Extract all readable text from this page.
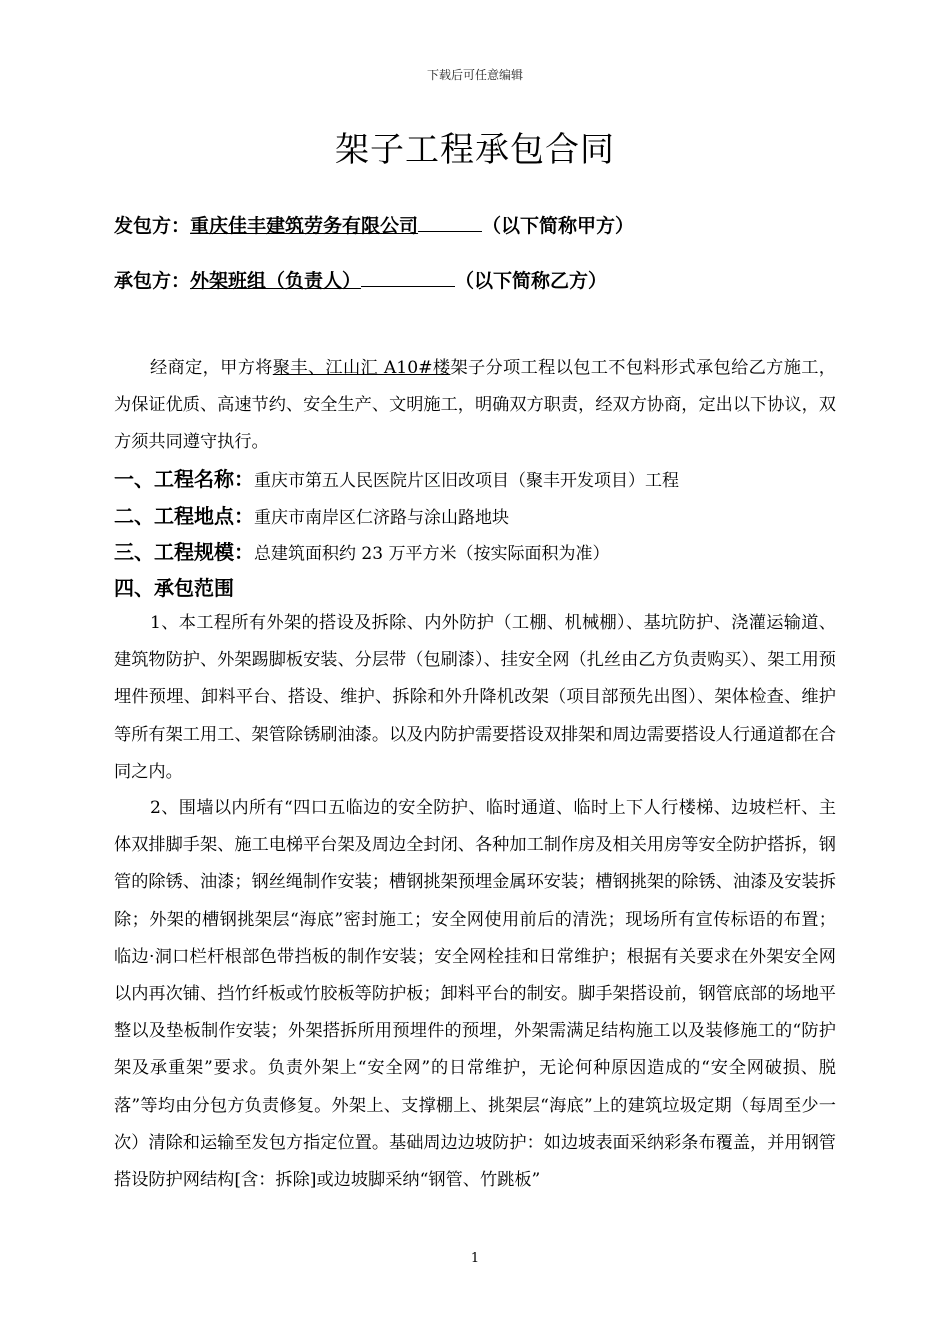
下载后可任意编辑
架子工程承包合同
发包方：重庆佳丰建筑劳务有限公司	（以下简称甲方）
承包方：外架班组（负责人）	（以下简称乙方）
经商定，甲方将聚丰、江山汇 A10#楼架子分项工程以包工不包料形式承包给乙方施工，为保证优质、高速节约、安全生产、文明施工，明确双方职责，经双方协商，定出以下协议，双方须共同遵守执行。
一、工程名称：重庆市第五人民医院片区旧改项目（聚丰开发项目）工程
二、工程地点：重庆市南岸区仁济路与涂山路地块
三、工程规模：总建筑面积约 23 万平方米（按实际面积为准）
四、承包范围
1、本工程所有外架的搭设及拆除、内外防护（工棚、机械棚）、基坑防护、浇灌运输道、建筑物防护、外架踢脚板安装、分层带（包刷漆）、挂安全网（扎丝由乙方负责购买）、架工用预埋件预埋、卸料平台、搭设、维护、拆除和外升降机改架（项目部预先出图）、架体检查、维护等所有架工用工、架管除锈刷油漆。以及内防护需要搭设双排架和周边需要搭设人行通道都在合同之内。
2、围墙以内所有“四口五临边的安全防护、临时通道、临时上下人行楼梯、边坡栏杆、主体双排脚手架、施工电梯平台架及周边全封闭、各种加工制作房及相关用房等安全防护搭拆，钢管的除锈、油漆；钢丝绳制作安装；槽钢挑架预埋金属环安装；槽钢挑架的除锈、油漆及安装拆除；外架的槽钢挑架层“海底”密封施工；安全网使用前后的清洗；现场所有宣传标语的布置；临边·洞口栏杆根部色带挡板的制作安装；安全网栓挂和日常维护；根据有关要求在外架安全网以内再次铺、挡竹纤板或竹胶板等防护板；卸料平台的制安。脚手架搭设前，钢管底部的场地平整以及垫板制作安装；外架搭拆所用预埋件的预埋，外架需满足结构施工以及装修施工的“防护架及承重架”要求。负责外架上“安全网”的日常维护，无论何种原因造成的“安全网破损、脱落”等均由分包方负责修复。外架上、支撑棚上、挑架层“海底”上的建筑垃圾定期（每周至少一次）清除和运输至发包方指定位置。基础周边边坡防护：如边坡表面采纳彩条布覆盖，并用钢管搭设防护网结构[含：拆除]或边坡脚采纳“钢管、竹跳板”
1
